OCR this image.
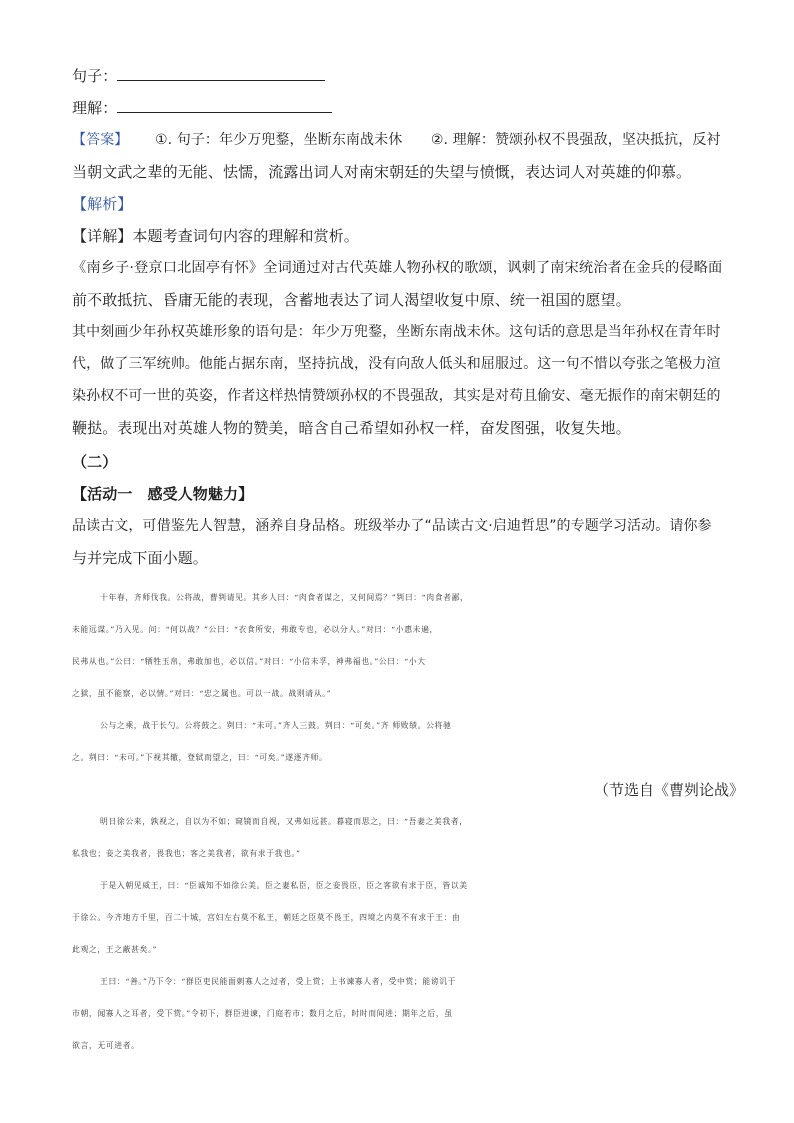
句子：
理解：
【答案】 ①. 句子：年少万兜鍪，坐断东南战未休 ②. 理解：赞颂孙权不畏强敌，坚决抵抗，反衬
当朝文武之辈的无能、怯懦，流露出词人对南宋朝廷的失望与愤慨，表达词人对英雄的仰慕。
【解析】
【详解】本题考查词句内容的理解和赏析。
《南乡子·登京口北固亭有怀》全词通过对古代英雄人物孙权的歌颂，讽刺了南宋统治者在金兵的侵略面
前不敢抵抗、昏庸无能的表现，含蓄地表达了词人渴望收复中原、统一祖国的愿望。
其中刻画少年孙权英雄形象的语句是：年少万兜鍪，坐断东南战未休。这句话的意思是当年孙权在青年时
代，做了三军统帅。他能占据东南，坚持抗战，没有向敌人低头和屈服过。这一句不惜以夸张之笔极力渲
染孙权不可一世的英姿，作者这样热情赞颂孙权的不畏强敌，其实是对苟且偷安、毫无振作的南宋朝廷的
鞭挞。表现出对英雄人物的赞美，暗含自己希望如孙权一样，奋发图强，收复失地。
（二）
【活动一　感受人物魅力】
品读古文，可借鉴先人智慧，涵养自身品格。班级举办了“品读古文·启迪哲思”的专题学习活动。请你参
与并完成下面小题。
十年春，齐师伐我。公将战，曹刿请见。其乡人曰：“肉食者谋之，又何间焉？”刿曰：“肉食者鄙，
未能远谋。”乃入见。问：“何以战？”公曰：“衣食所安，弗敢专也，必以分人。”对曰：“小惠未遍，
民弗从也。”公曰：“牺牲玉帛，弗敢加也，必以信。”对曰：“小信未孚，神弗福也。”公曰：“小大
之狱，虽不能察，必以情。”对曰：“忠之属也。可以一战。战则请从。”
公与之乘，战于长勺。公将鼓之。刿曰：“未可。”齐人三鼓。刿曰：“可矣。”齐 师败绩。公将驰
之。刿曰：“未可。”下视其辙，登轼而望之，曰：“可矣。”遂逐齐师。
（节选自《曹刿论战》
明日徐公来，孰视之，自以为不如；窥镜而自视，又弗如远甚。暮寝而思之，曰：“吾妻之美我者，
私我也；妾之美我者，畏我也；客之美我者，欲有求于我也。”
于是入朝见威王，曰：“臣诚知不如徐公美。臣之妻私臣，臣之妾畏臣，臣之客欲有求于臣，皆以美
于徐公。今齐地方千里，百二十城，宫妇左右莫不私王，朝廷之臣莫不畏王，四境之内莫不有求于王：由
此观之，王之蔽甚矣。”
王曰：“善。”乃下令：“群臣吏民能面刺寡人之过者，受上赏；上书谏寡人者，受中赏；能谤讥于
市朝，闻寡人之耳者，受下赏。”令初下，群臣进谏，门庭若市；数月之后，时时而间进；期年之后，虽
欲言，无可进者。
